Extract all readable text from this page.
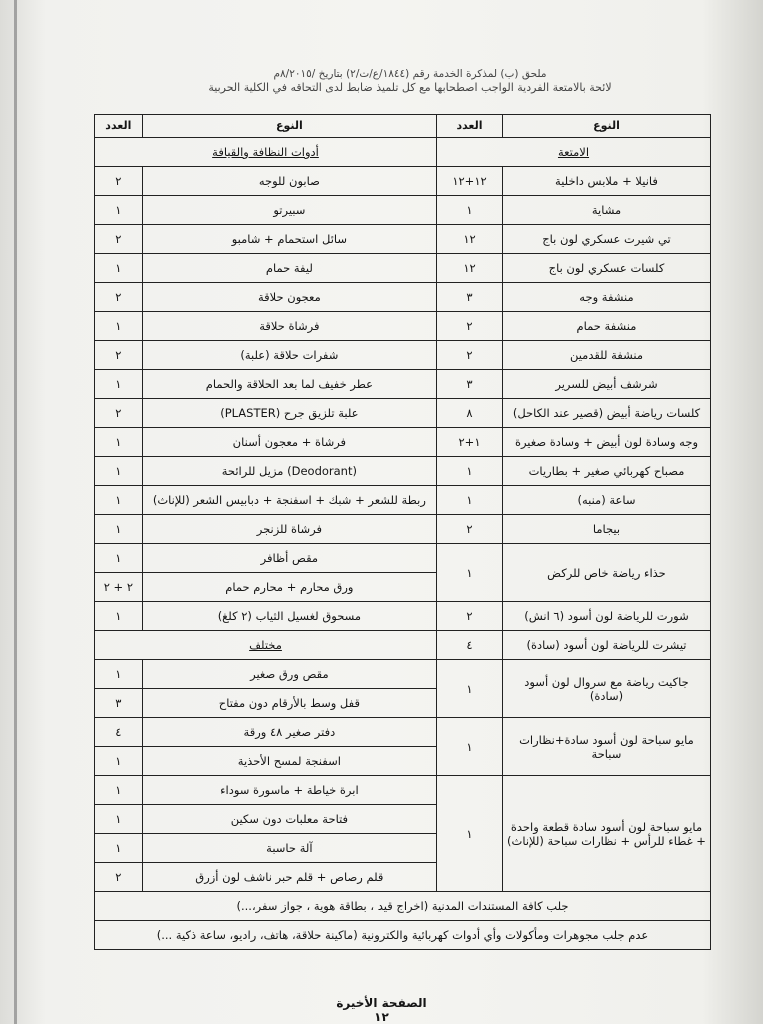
ملحق (ب) لمذكرة الخدمة رقم (١٨٤٤/ع/ت/٢) بتاريخ /٨/٢٠١٥م
لائحة بالامتعة الفردية الواجب اصطحابها مع كل تلميذ ضابط لدى التحاقه في الكلية الحربية
النوع	العدد	النوع	العدد
الامتعة		أدوات النظافة والقيافة	
فانيلا + ملابس داخلية	١٢+١٢	صابون للوجه	٢
مشاية	١	سبيرتو	١
تي شيرت عسكري لون باج	١٢	سائل استحمام + شامبو	٢
كلسات عسكري لون باج	١٢	ليفة حمام	١
منشفة وجه	٣	معجون حلاقة	٢
منشفة حمام	٢	فرشاة حلاقة	١
منشفة للقدمين	٢	شفرات حلاقة (علبة)	٢
شرشف أبيض للسرير	٣	عطر خفيف لما بعد الحلاقة والحمام	١
كلسات رياضة أبيض (قصير عند الكاحل)	٨	علبة تلزيق جرح (PLASTER)	٢
وجه وسادة لون أبيض + وسادة صغيرة	١+٢	فرشاة + معجون أسنان	١
مصباح كهربائي صغير + بطاريات	١	(Deodorant) مزيل للرائحة	١
ساعة (منبه)	١	ربطة للشعر + شبك + اسفنجة + دبابيس الشعر (للإناث)	١
بيجاما	٢	فرشاة للزنجر	١
حذاء رياضة خاص للركض	١	مقص أظافر	١
		ورق محارم + محارم حمام	٢ + ٢
شورت للرياضة لون أسود (٦ انش)	٢	مسحوق لغسيل الثياب (٢ كلغ)	١
تيشرت للرياضة لون أسود (سادة)	٤	مختلف	
جاكيت رياضة مع سروال لون أسود (سادة)	١	مقص ورق صغير	١
		قفل وسط بالأرقام دون مفتاح	٣
مايو سباحة لون أسود سادة+نظارات سباحة	١	دفتر صغير ٤٨ ورقة	٤
		اسفنجة لمسح الأحذية	١
مايو سباحة لون أسود سادة قطعة واحدة + غطاء للرأس + نظارات سباحة (للإناث)	١	ابرة خياطة + ماسورة سوداء	١
		فتاحة معلبات دون سكين	١
		آلة حاسبة	١
		قلم رصاص + قلم حبر ناشف لون أزرق	٢
جلب كافة المستندات المدنية (اخراج قيد ، بطاقة هوية ، جواز سفر،...)			
عدم جلب مجوهرات ومأكولات وأي أدوات كهربائية والكترونية (ماكينة حلاقة، هاتف، راديو، ساعة ذكية ...)			
الصفحة الأخيرة
١٢
